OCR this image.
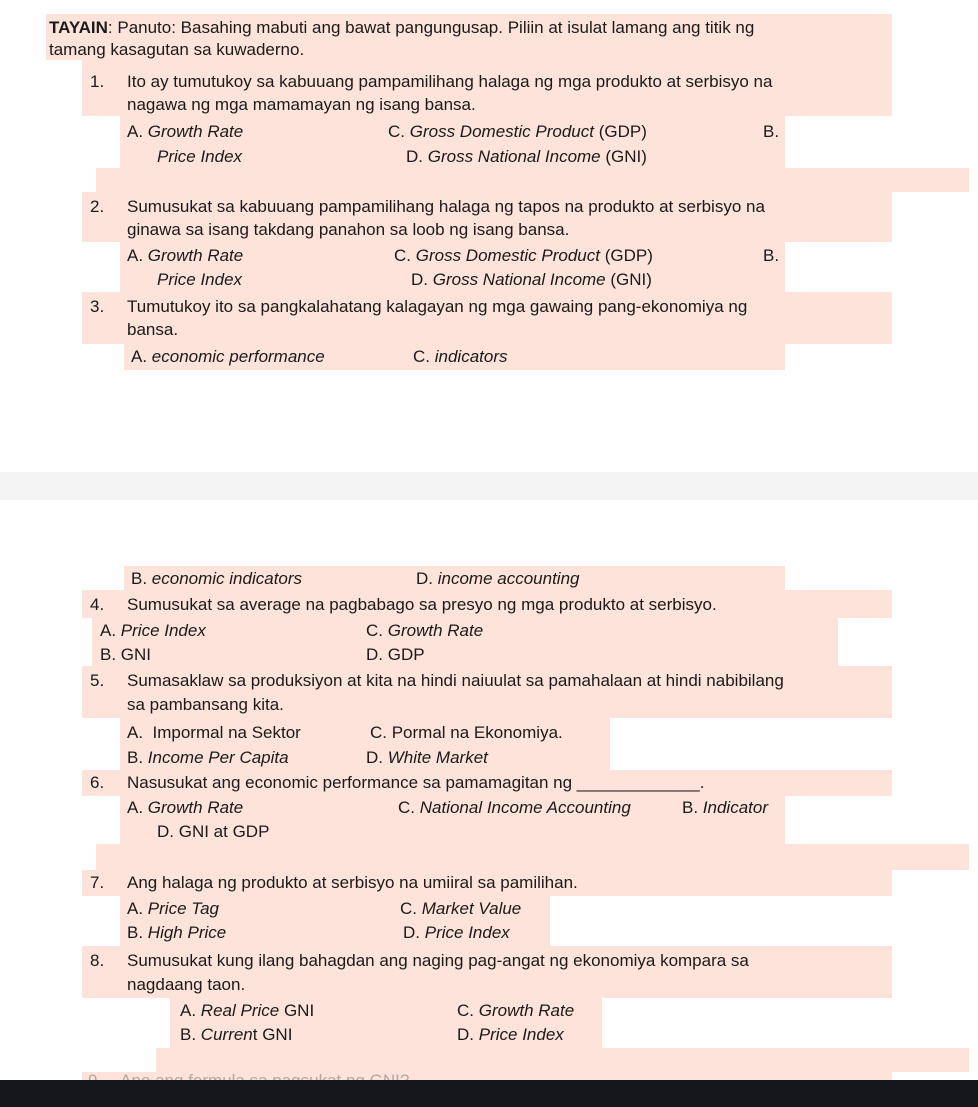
TAYAIN: Panuto: Basahing mabuti ang bawat pangungusap. Piliin at isulat lamang ang titik ng
tamang kasagutan sa kuwaderno.
1. Ito ay tumutukoy sa kabuuang pampamilihang halaga ng mga produkto at serbisyo na
nagawa ng mga mamamayan ng isang bansa.
A. Growth Rate	C. Gross Domestic Product (GDP)	B.
Price Index	D. Gross National Income (GNI)
2. Sumusukat sa kabuuang pampamilihang halaga ng tapos na produkto at serbisyo na
ginawa sa isang takdang panahon sa loob ng isang bansa.
A. Growth Rate	C. Gross Domestic Product (GDP)	B.
Price Index	D. Gross National Income (GNI)
3. Tumutukoy ito sa pangkalahatang kalagayan ng mga gawaing pang-ekonomiya ng
bansa.
A. economic performance	C. indicators
B. economic indicators	D. income accounting
4. Sumusukat sa average na pagbabago sa presyo ng mga produkto at serbisyo.
A. Price Index	C. Growth Rate
B. GNI	D. GDP
5. Sumasaklaw sa produksiyon at kita na hindi naiuulat sa pamahalaan at hindi nabibilang
sa pambansang kita.
A.  Impormal na Sektor	C. Pormal na Ekonomiya.
B. Income Per Capita	D. White Market
6. Nasusukat ang economic performance sa pamamagitan ng _____________.
A. Growth Rate	C. National Income Accounting	B. Indicator
D. GNI at GDP
7. Ang halaga ng produkto at serbisyo na umiiral sa pamilihan.
A. Price Tag	C. Market Value
B. High Price	D. Price Index
8. Sumusukat kung ilang bahagdan ang naging pag-angat ng ekonomiya kompara sa
nagdaang taon.
A. Real Price GNI	C. Growth Rate
B. Current GNI	D. Price Index
